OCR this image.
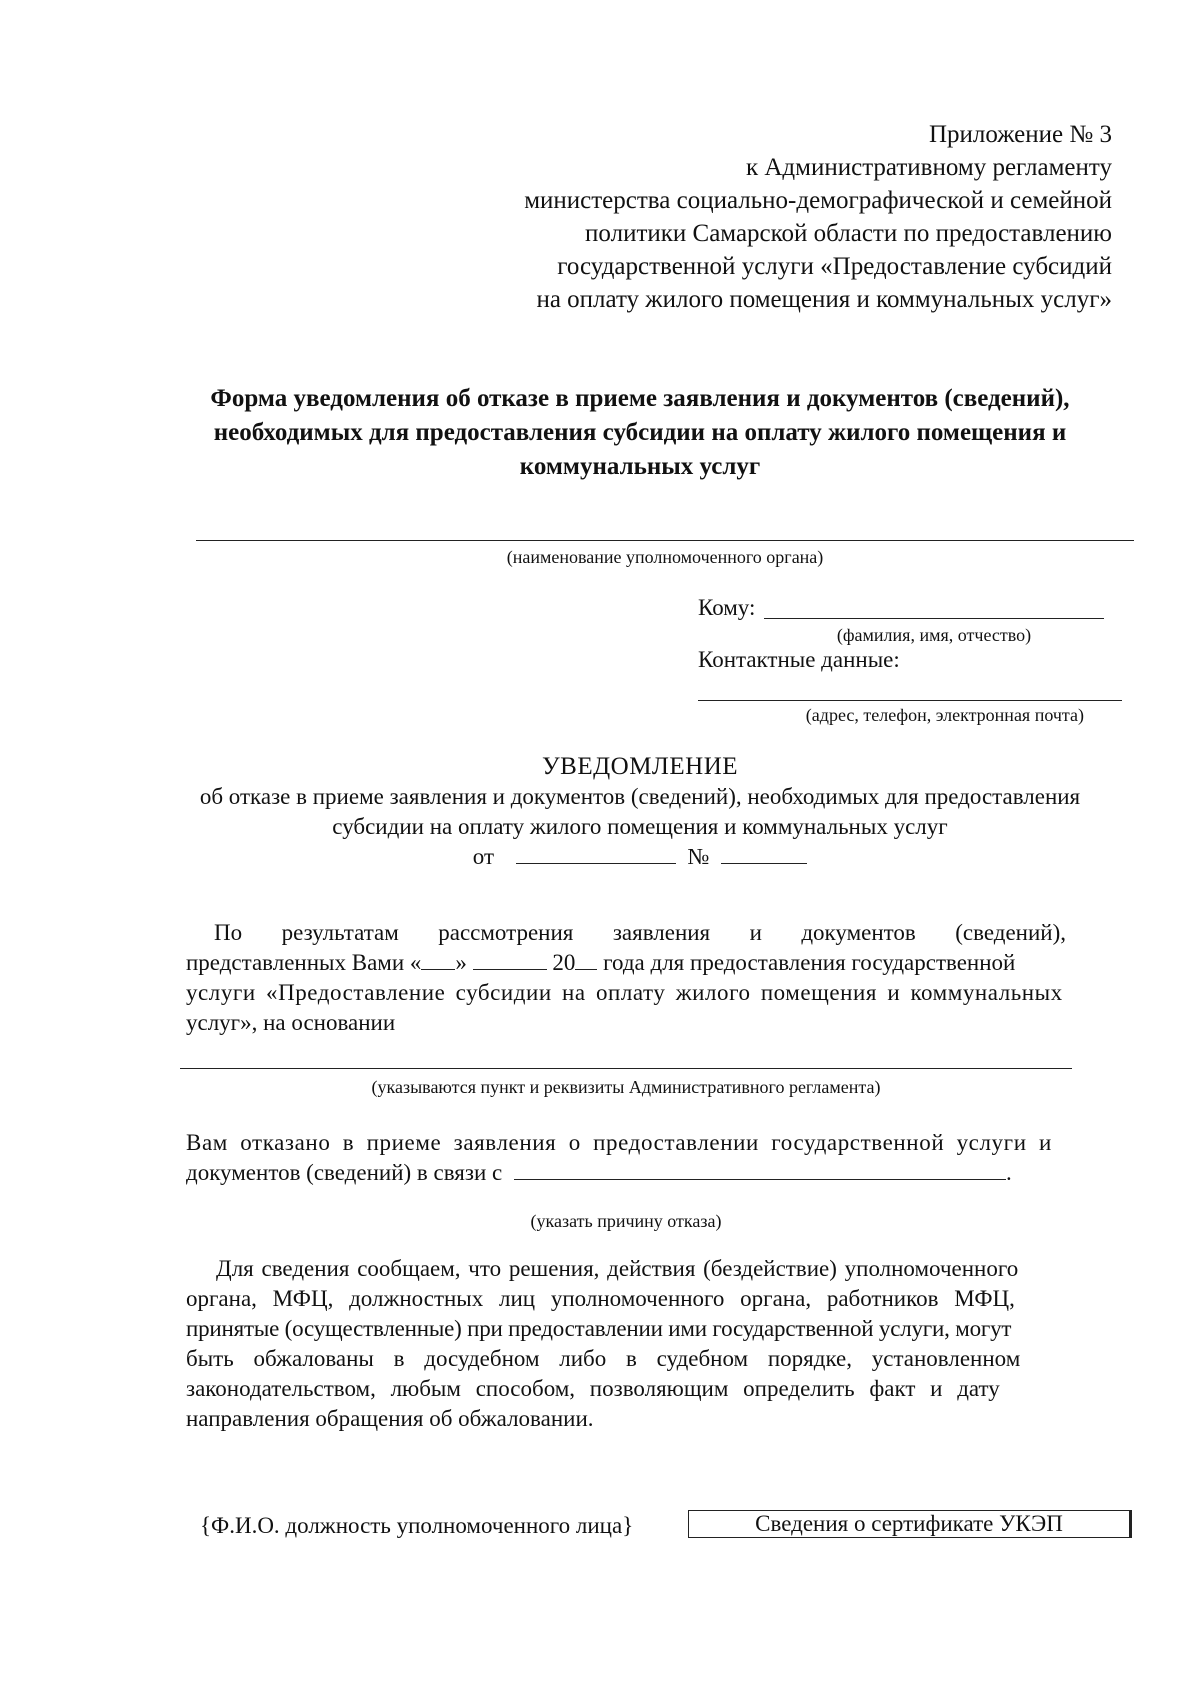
Приложение № 3
к Административному регламенту
министерства социально-демографической и семейной
политики Самарской области по предоставлению
государственной услуги «Предоставление субсидий
на оплату жилого помещения и коммунальных услуг»
Форма уведомления об отказе в приеме заявления и документов (сведений),
необходимых для предоставления субсидии на оплату жилого помещения и
коммунальных услуг
(наименование уполномоченного органа)
Кому:
(фамилия, имя, отчество)
Контактные данные:
(адрес, телефон, электронная почта)
УВЕДОМЛЕНИЕ
об отказе в приеме заявления и документов (сведений), необходимых для предоставления
субсидии на оплату жилого помещения и коммунальных услуг
от	№
По результатам рассмотрения заявления и документов (сведений),
представленных Вами « »	20 года для предоставления государственной
услуги «Предоставление субсидии на оплату жилого помещения и коммунальных
услуг», на основании
(указываются пункт и реквизиты Административного регламента)
Вам отказано в приеме заявления о предоставлении государственной услуги и
документов (сведений) в связи с	.
(указать причину отказа)
Для сведения сообщаем, что решения, действия (бездействие) уполномоченного
органа, МФЦ, должностных лиц уполномоченного органа, работников МФЦ,
принятые (осуществленные) при предоставлении ими государственной услуги, могут
быть обжалованы в досудебном либо в судебном порядке, установленном
законодательством, любым способом, позволяющим определить факт и дату
направления обращения об обжаловании.
{Ф.И.О. должность уполномоченного лица}	Сведения о сертификате УКЭП
